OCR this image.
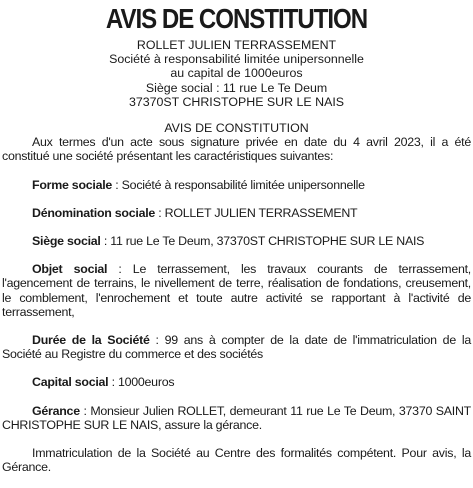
AVIS DE CONSTITUTION
ROLLET JULIEN TERRASSEMENT
Société à responsabilité limitée unipersonnelle
au capital de 1000euros
Siège social : 11 rue Le Te Deum
37370ST CHRISTOPHE SUR LE NAIS
AVIS DE CONSTITUTION

Aux termes d'un acte sous signature privée en date du 4 avril 2023, il a été constitué une société présentant les caractéristiques suivantes:

Forme sociale : Société à responsabilité limitée unipersonnelle

Dénomination sociale : ROLLET JULIEN TERRASSEMENT

Siège social : 11 rue Le Te Deum, 37370ST CHRISTOPHE SUR LE NAIS

Objet social : Le terrassement, les travaux courants de terrassement, l'agencement de terrains, le nivellement de terre, réalisation de fondations, creusement, le comblement, l'enrochement et toute autre activité se rapportant à l'activité de terrassement,

Durée de la Société : 99 ans à compter de la date de l'immatriculation de la Société au Registre du commerce et des sociétés

Capital social : 1000euros

Gérance : Monsieur Julien ROLLET, demeurant 11 rue Le Te Deum, 37370 SAINT CHRISTOPHE SUR LE NAIS, assure la gérance.

Immatriculation de la Société au Centre des formalités compétent. Pour avis, la Gérance.
